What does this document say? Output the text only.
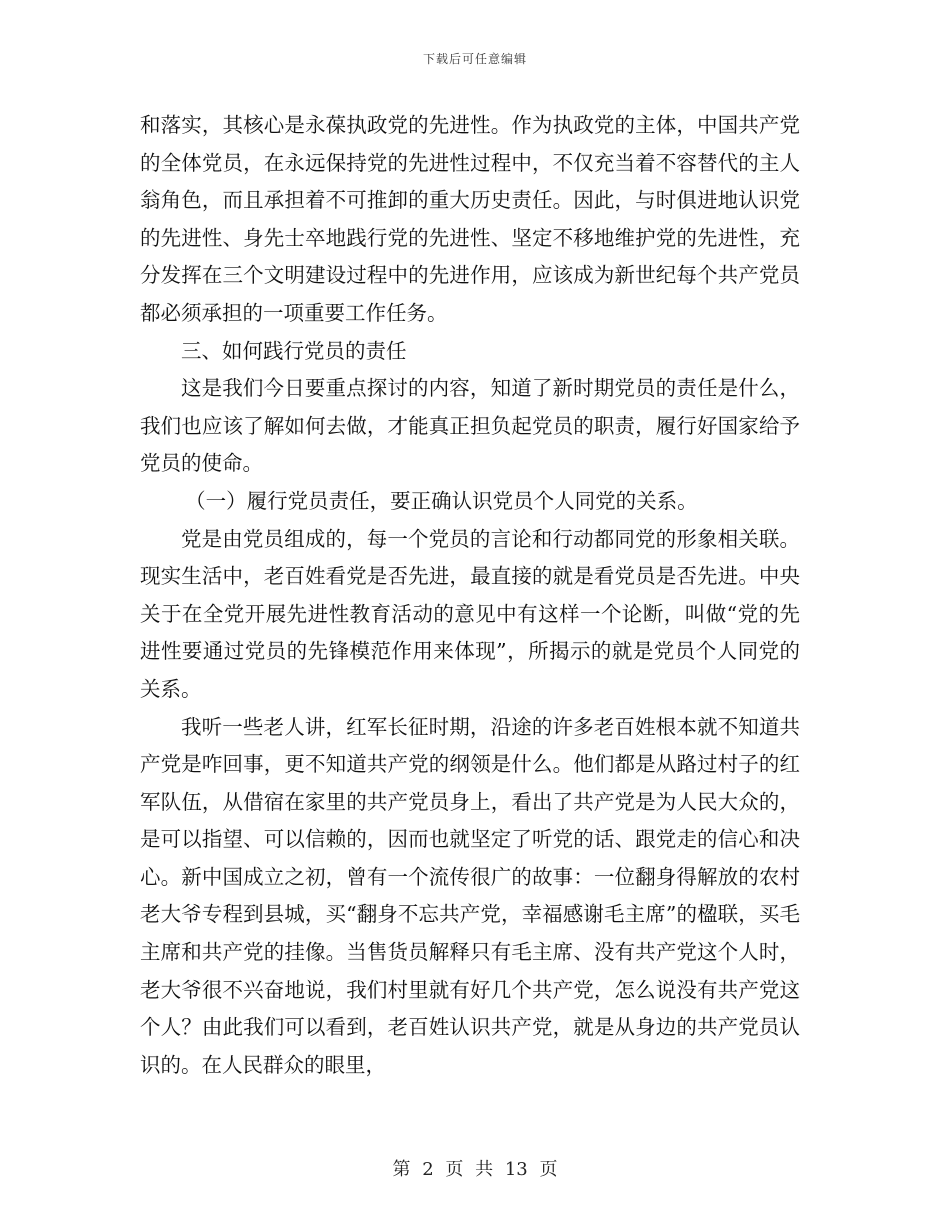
下载后可任意编辑

和落实，其核心是永葆执政党的先进性。作为执政党的主体，中国共产党的全体党员，在永远保持党的先进性过程中，不仅充当着不容替代的主人翁角色，而且承担着不可推卸的重大历史责任。因此，与时俱进地认识党的先进性、身先士卒地践行党的先进性、坚定不移地维护党的先进性，充分发挥在三个文明建设过程中的先进作用，应该成为新世纪每个共产党员都必须承担的一项重要工作任务。

三、如何践行党员的责任

这是我们今日要重点探讨的内容，知道了新时期党员的责任是什么，我们也应该了解如何去做，才能真正担负起党员的职责，履行好国家给予党员的使命。

（一）履行党员责任，要正确认识党员个人同党的关系。

党是由党员组成的，每一个党员的言论和行动都同党的形象相关联。现实生活中，老百姓看党是否先进，最直接的就是看党员是否先进。中央关于在全党开展先进性教育活动的意见中有这样一个论断，叫做“党的先进性要通过党员的先锋模范作用来体现”，所揭示的就是党员个人同党的关系。

我听一些老人讲，红军长征时期，沿途的许多老百姓根本就不知道共产党是咋回事，更不知道共产党的纲领是什么。他们都是从路过村子的红军队伍，从借宿在家里的共产党员身上，看出了共产党是为人民大众的，是可以指望、可以信赖的，因而也就坚定了听党的话、跟党走的信心和决心。新中国成立之初，曾有一个流传很广的故事：一位翻身得解放的农村老大爷专程到县城，买“翻身不忘共产党，幸福感谢毛主席”的楹联，买毛主席和共产党的挂像。当售货员解释只有毛主席、没有共产党这个人时，老大爷很不兴奋地说，我们村里就有好几个共产党，怎么说没有共产党这个人？由此我们可以看到，老百姓认识共产党，就是从身边的共产党员认识的。在人民群众的眼里，

第 2 页 共 13 页
